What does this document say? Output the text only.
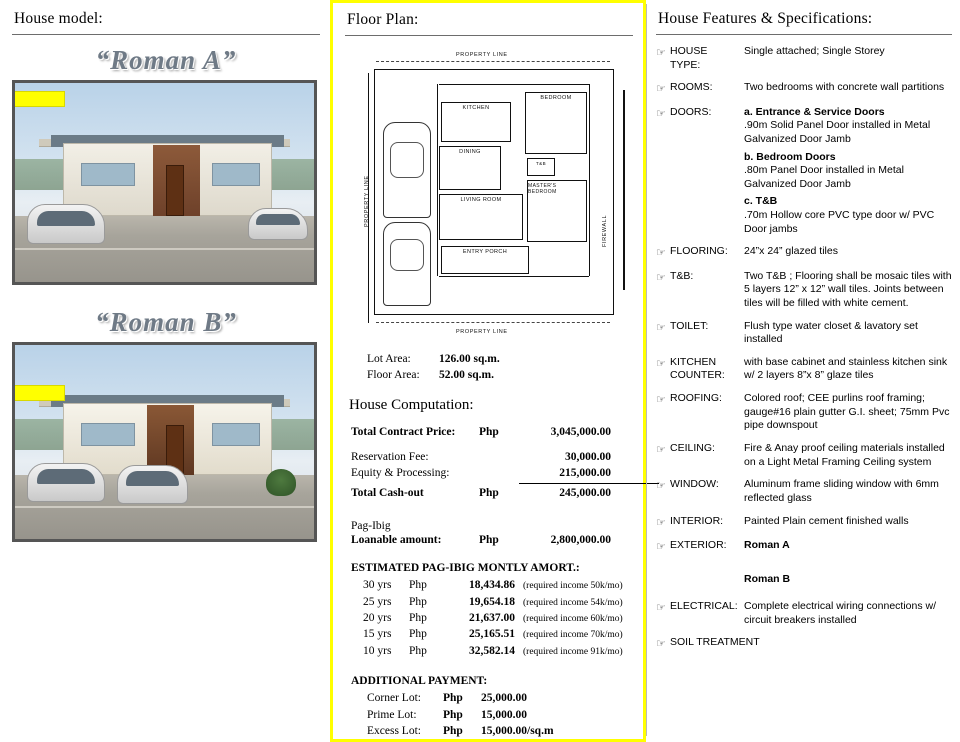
House model:
“Roman A”
“Roman B”
Floor Plan:
PROPERTY LINE
PROPERTY LINE
PROPERTY LINE
KITCHEN
BEDROOM
DINING
LIVING ROOM
MASTER'S BEDROOM
ENTRY PORCH
T&B
FIREWALL
Lot Area: 126.00 sq.m.
Floor Area: 52.00 sq.m.
House Computation:
Total Contract Price:	Php	3,045,000.00
Reservation Fee:	30,000.00
Equity & Processing:	215,000.00
Total Cash-out	Php	245,000.00
Pag-Ibig
Loanable amount:	Php	2,800,000.00
ESTIMATED PAG-IBIG MONTLY AMORT.:
30 yrs	Php	18,434.86 (required income 50k/mo)
25 yrs	Php	19,654.18 (required income 54k/mo)
20 yrs	Php	21,637.00 (required income 60k/mo)
15 yrs	Php	25,165.51 (required income 70k/mo)
10 yrs	Php	32,582.14 (required income 91k/mo)
ADDITIONAL PAYMENT:
Corner Lot:	Php	25,000.00
Prime Lot:	Php	15,000.00
Excess Lot:	Php	15,000.00/sq.m
House Features & Specifications:
☞ HOUSE TYPE:
Single attached; Single Storey
☞ ROOMS:	Two bedrooms with concrete wall partitions
☞ DOORS:	a. Entrance & Service Doors
.90m Solid Panel Door installed in Metal Galvanized Door Jamb
b. Bedroom Doors
.80m Panel Door installed in Metal Galvanized Door Jamb
c. T&B
.70m Hollow core PVC type door w/ PVC Door jambs
☞ FLOORING:	24”x 24” glazed tiles
☞ T&B:	Two T&B ; Flooring shall be mosaic tiles with 5 layers 12” x 12” wall tiles. Joints between tiles will be filled with white cement.
☞ TOILET:	Flush type water closet & lavatory set installed
☞ KITCHEN COUNTER:
with base cabinet and stainless kitchen sink w/ 2 layers 8”x 8” glaze tiles
☞ ROOFING:	Colored roof; CEE purlins roof framing; gauge#16 plain gutter G.I. sheet; 75mm Pvc pipe downspout
☞ CEILING:	Fire & Anay proof ceiling materials installed on a Light Metal Framing Ceiling system
☞ WINDOW:	Aluminum frame sliding window with 6mm reflected glass
☞ INTERIOR:	Painted Plain cement finished walls
☞ EXTERIOR:	Roman A
Roman B
☞ ELECTRICAL: Complete electrical wiring connections w/ circuit breakers installed
☞ SOIL TREATMENT
